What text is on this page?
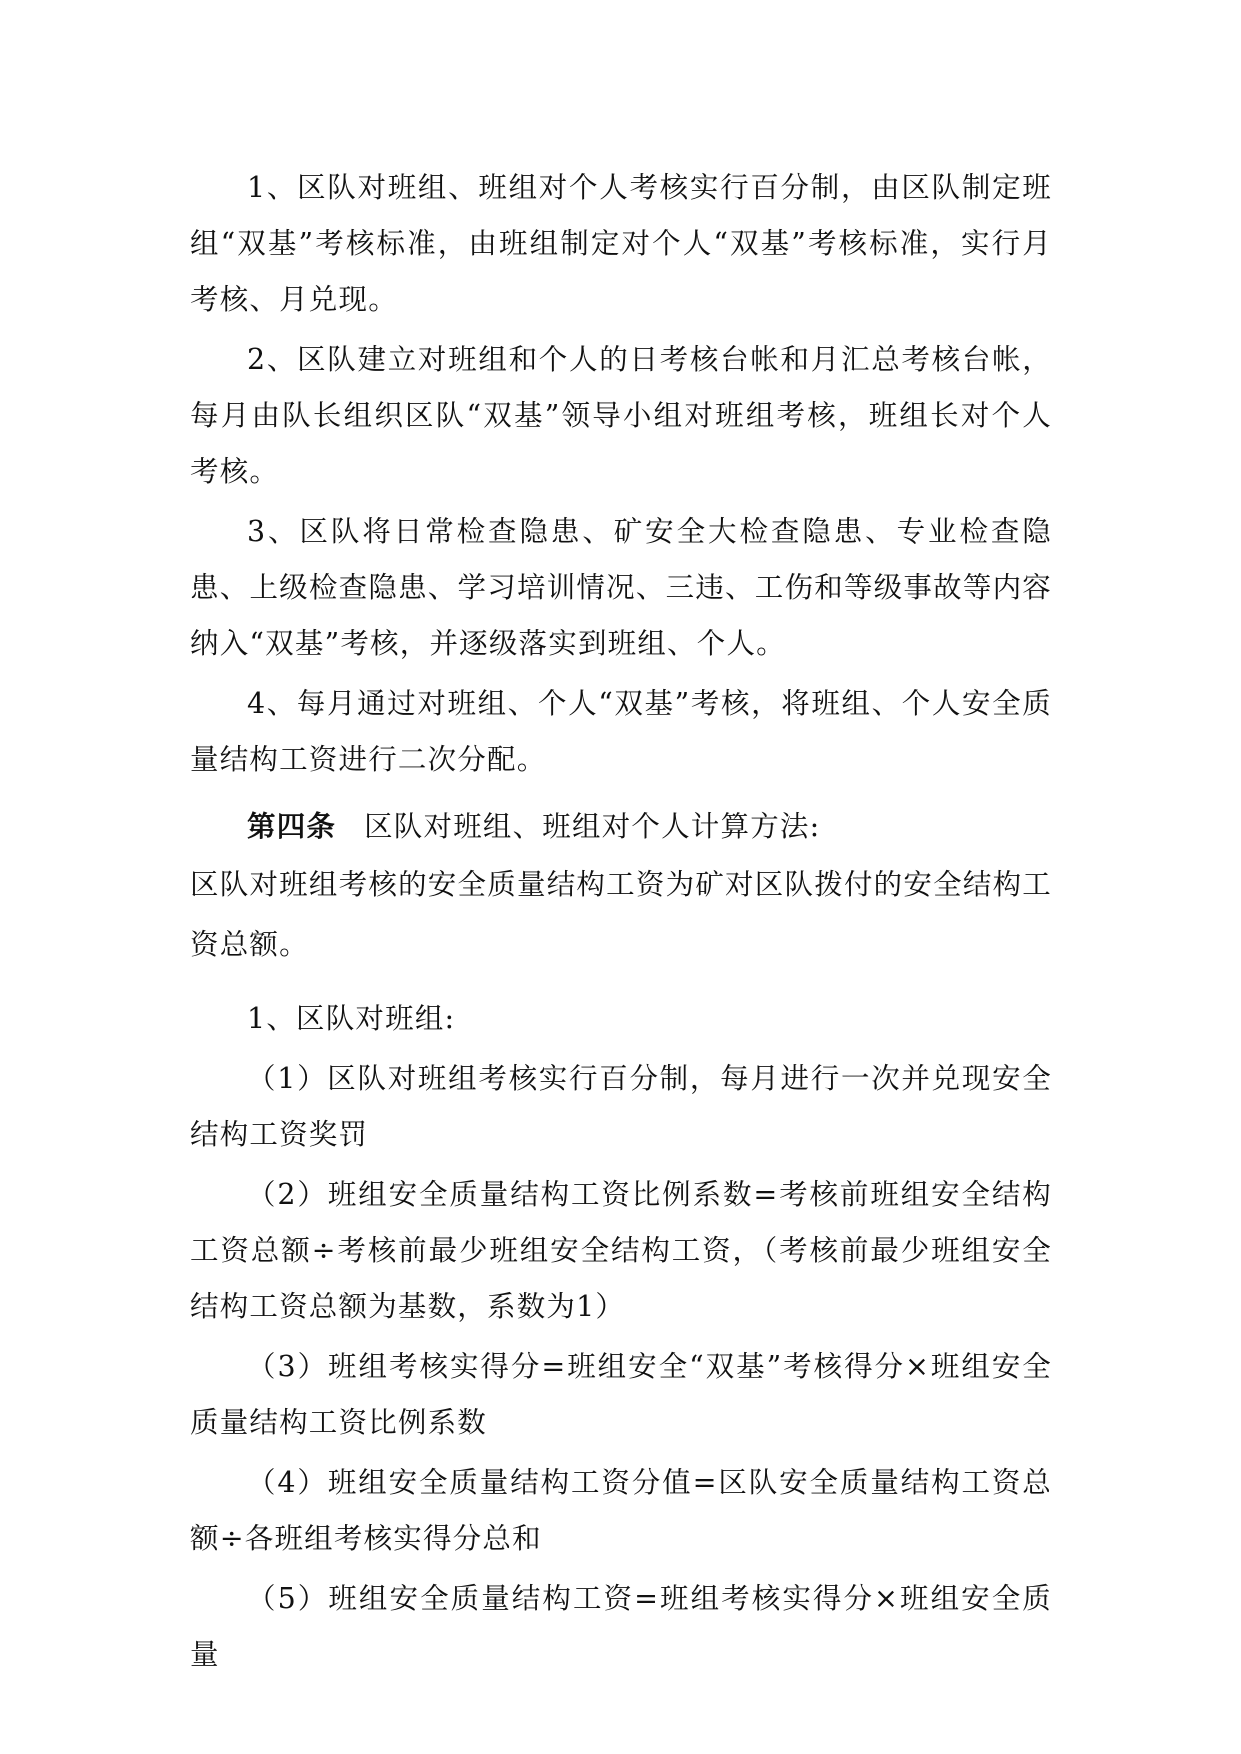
1、区队对班组、班组对个人考核实行百分制，由区队制定班组“双基”考核标准，由班组制定对个人“双基”考核标准，实行月考核、月兑现。

2、区队建立对班组和个人的日考核台帐和月汇总考核台帐，每月由队长组织区队“双基”领导小组对班组考核，班组长对个人考核。

3、区队将日常检查隐患、矿安全大检查隐患、专业检查隐患、上级检查隐患、学习培训情况、三违、工伤和等级事故等内容纳入“双基”考核，并逐级落实到班组、个人。

4、每月通过对班组、个人“双基”考核，将班组、个人安全质量结构工资进行二次分配。

第四条 区队对班组、班组对个人计算方法:

区队对班组考核的安全质量结构工资为矿对区队拨付的安全结构工资总额。

1、区队对班组:

（1）区队对班组考核实行百分制，每月进行一次并兑现安全结构工资奖罚

（2）班组安全质量结构工资比例系数=考核前班组安全结构工资总额÷考核前最少班组安全结构工资，（考核前最少班组安全结构工资总额为基数，系数为1）

（3）班组考核实得分=班组安全“双基”考核得分×班组安全质量结构工资比例系数

（4）班组安全质量结构工资分值=区队安全质量结构工资总额÷各班组考核实得分总和

（5）班组安全质量结构工资=班组考核实得分×班组安全质量
